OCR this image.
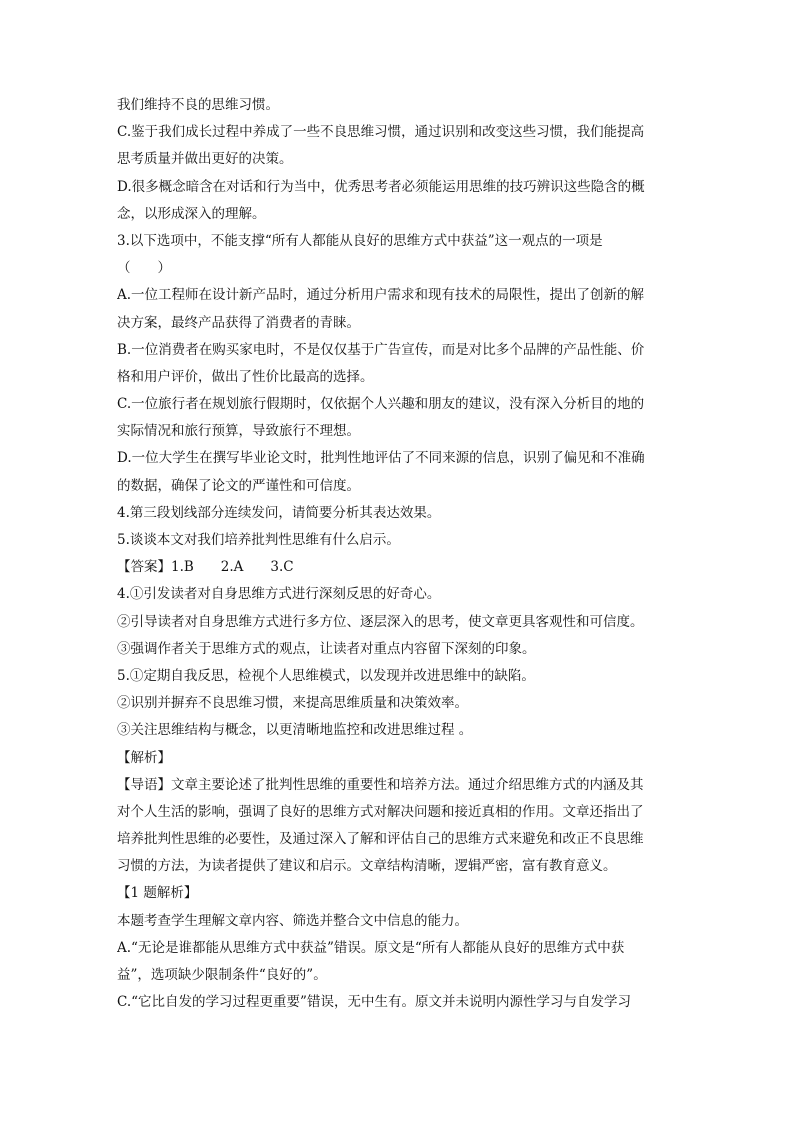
我们维持不良的思维习惯。
C.鉴于我们成长过程中养成了一些不良思维习惯，通过识别和改变这些习惯，我们能提高
思考质量并做出更好的决策。
D.很多概念暗含在对话和行为当中，优秀思考者必须能运用思维的技巧辨识这些隐含的概
念，以形成深入的理解。
3.以下选项中，不能支撑“所有人都能从良好的思维方式中获益”这一观点的一项是
（　　）
A.一位工程师在设计新产品时，通过分析用户需求和现有技术的局限性，提出了创新的解
决方案，最终产品获得了消费者的青睐。
B.一位消费者在购买家电时，不是仅仅基于广告宣传，而是对比多个品牌的产品性能、价
格和用户评价，做出了性价比最高的选择。
C.一位旅行者在规划旅行假期时，仅依据个人兴趣和朋友的建议，没有深入分析目的地的
实际情况和旅行预算，导致旅行不理想。
D.一位大学生在撰写毕业论文时，批判性地评估了不同来源的信息，识别了偏见和不准确
的数据，确保了论文的严谨性和可信度。
4.第三段划线部分连续发问，请简要分析其表达效果。
5.谈谈本文对我们培养批判性思维有什么启示。
【答案】1.B　　2.A　　3.C
4.①引发读者对自身思维方式进行深刻反思的好奇心。
②引导读者对自身思维方式进行多方位、逐层深入的思考，使文章更具客观性和可信度。
③强调作者关于思维方式的观点，让读者对重点内容留下深刻的印象。
5.①定期自我反思，检视个人思维模式，以发现并改进思维中的缺陷。
②识别并摒弃不良思维习惯，来提高思维质量和决策效率。
③关注思维结构与概念，以更清晰地监控和改进思维过程 。
【解析】
【导语】文章主要论述了批判性思维的重要性和培养方法。通过介绍思维方式的内涵及其
对个人生活的影响，强调了良好的思维方式对解决问题和接近真相的作用。文章还指出了
培养批判性思维的必要性，及通过深入了解和评估自己的思维方式来避免和改正不良思维
习惯的方法，为读者提供了建议和启示。文章结构清晰，逻辑严密，富有教育意义。
【1 题解析】
本题考查学生理解文章内容、筛选并整合文中信息的能力。
A.“无论是谁都能从思维方式中获益”错误。原文是“所有人都能从良好的思维方式中获
益”，选项缺少限制条件“良好的”。
C.“它比自发的学习过程更重要”错误，无中生有。原文并未说明内源性学习与自发学习
